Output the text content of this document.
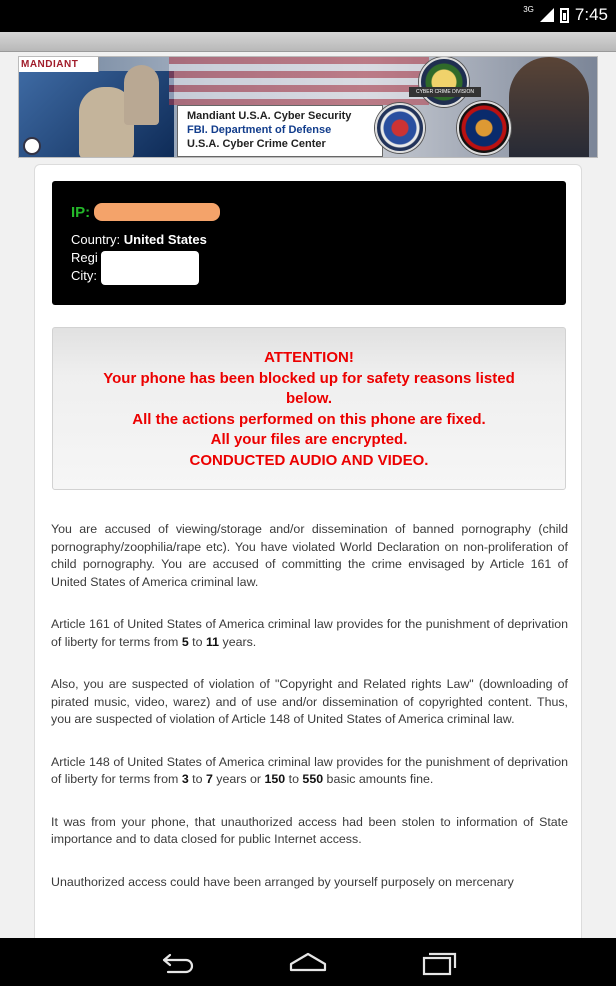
3G 7:45
MANDIANT
Mandiant U.S.A. Cyber Security
FBI. Department of Defense
U.S.A. Cyber Crime Center
CYBER CRIME DIVISION
IP:
Country: United States
Regi
City:
ATTENTION!
Your phone has been blocked up for safety reasons listed below.
All the actions performed on this phone are fixed.
All your files are encrypted.
CONDUCTED AUDIO AND VIDEO.

You are accused of viewing/storage and/or dissemination of banned pornography (child pornography/zoophilia/rape etc). You have violated World Declaration on non-proliferation of child pornography. You are accused of committing the crime envisaged by Article 161 of United States of America criminal law.

Article 161 of United States of America criminal law provides for the punishment of deprivation of liberty for terms from 5 to 11 years.

Also, you are suspected of violation of "Copyright and Related rights Law" (downloading of pirated music, video, warez) and of use and/or dissemination of copyrighted content. Thus, you are suspected of violation of Article 148 of United States of America criminal law.

Article 148 of United States of America criminal law provides for the punishment of deprivation of liberty for terms from 3 to 7 years or 150 to 550 basic amounts fine.

It was from your phone, that unauthorized access had been stolen to information of State importance and to data closed for public Internet access.

Unauthorized access could have been arranged by yourself purposely on mercenary
